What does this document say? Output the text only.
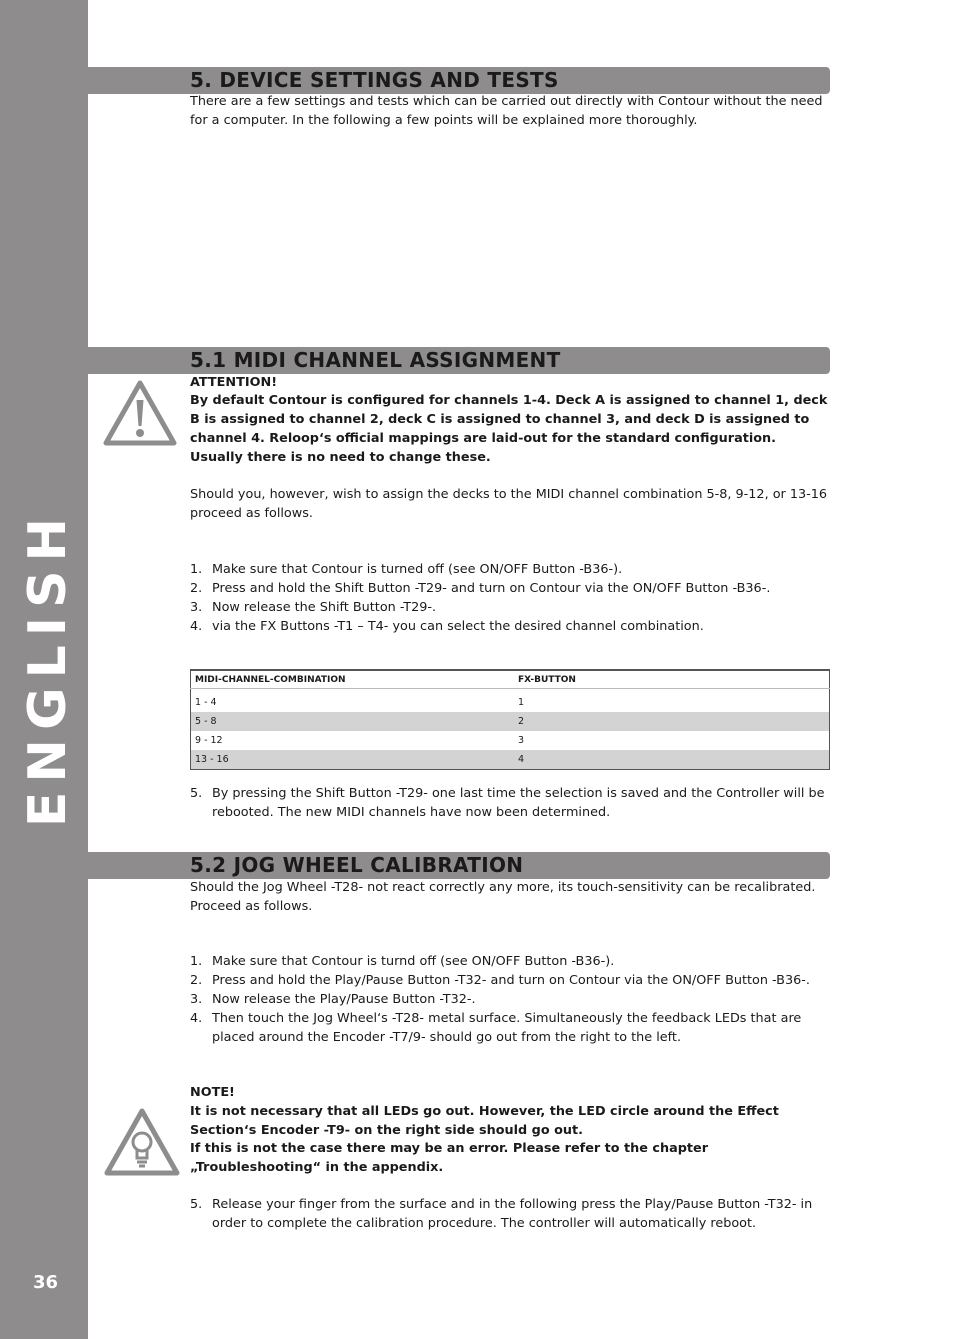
ENGLISH
36
5. DEVICE SETTINGS AND TESTS

There are a few settings and tests which can be carried out directly with Contour without the need for a computer. In the following a few points will be explained more thoroughly.

5.1 MIDI CHANNEL ASSIGNMENT

ATTENTION!

By default Contour is configured for channels 1-4. Deck A is assigned to channel 1, deck B is assigned to channel 2, deck C is assigned to channel 3, and deck D is assigned to channel 4. Reloop‘s official mappings are laid-out for the standard configuration. Usually there is no need to change these.

Should you, however, wish to assign the decks to the MIDI channel combination 5-8, 9-12, or 13-16 proceed as follows.

1. Make sure that Contour is turned off (see ON/OFF Button -B36-).
2. Press and hold the Shift Button -T29- and turn on Contour via the ON/OFF Button -B36-.
3. Now release the Shift Button -T29-.
4. via the FX Buttons -T1 – T4- you can select the desired channel combination.
MIDI-CHANNEL-COMBINATION	FX-BUTTON
1 - 4	1
5 - 8	2
9 - 12	3
13 - 16	4
5. By pressing the Shift Button -T29- one last time the selection is saved and the Controller will be rebooted. The new MIDI channels have now been determined.
5.2 JOG WHEEL CALIBRATION

Should the Jog Wheel -T28- not react correctly any more, its touch-sensitivity can be recalibrated. Proceed as follows.

1. Make sure that Contour is turnd off (see ON/OFF Button -B36-).
2. Press and hold the Play/Pause Button -T32- and turn on Contour via the ON/OFF Button -B36-.
3. Now release the Play/Pause Button -T32-.
4. Then touch the Jog Wheel‘s -T28- metal surface. Simultaneously the feedback LEDs that are placed around the Encoder -T7/9- should go out from the right to the left.

NOTE!

It is not necessary that all LEDs go out. However, the LED circle around the Effect Section‘s Encoder -T9- on the right side should go out.

If this is not the case there may be an error. Please refer to the chapter „Troubleshooting“ in the appendix.

5. Release your finger from the surface and in the following press the Play/Pause Button -T32- in order to complete the calibration procedure. The controller will automatically reboot.
